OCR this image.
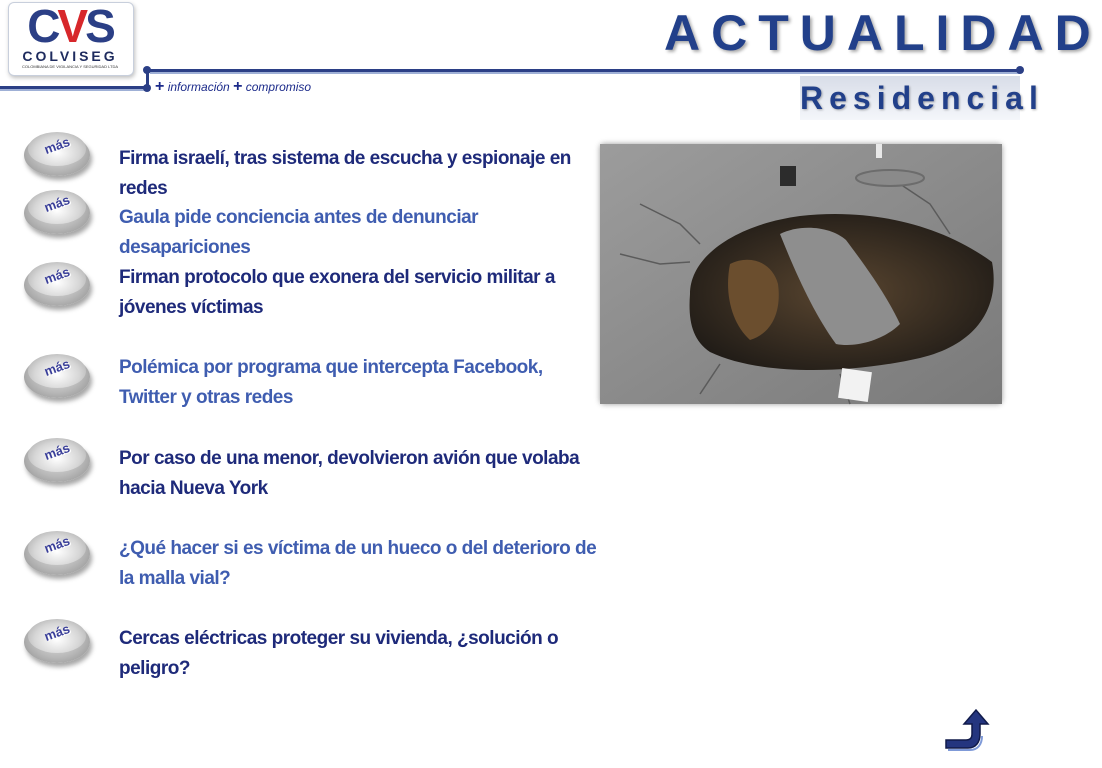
CVS
COLVISEG
COLOMBIANA DE VIGILANCIA Y SEGURIDAD LTDA
+ información + compromiso
ACTUALIDAD
Residencial
más
Firma israelí, tras sistema de escucha y espionaje en redes
más
Gaula pide conciencia antes de denunciar desapariciones
más	Firman protocolo que exonera del servicio militar a jóvenes víctimas
más	Polémica por programa que intercepta Facebook, Twitter y otras redes
más	Por caso de una menor, devolvieron avión que volaba hacia Nueva York
más	¿Qué hacer si es víctima de un hueco o del deterioro de la malla vial?
más	Cercas eléctricas proteger su vivienda, ¿solución o peligro?
